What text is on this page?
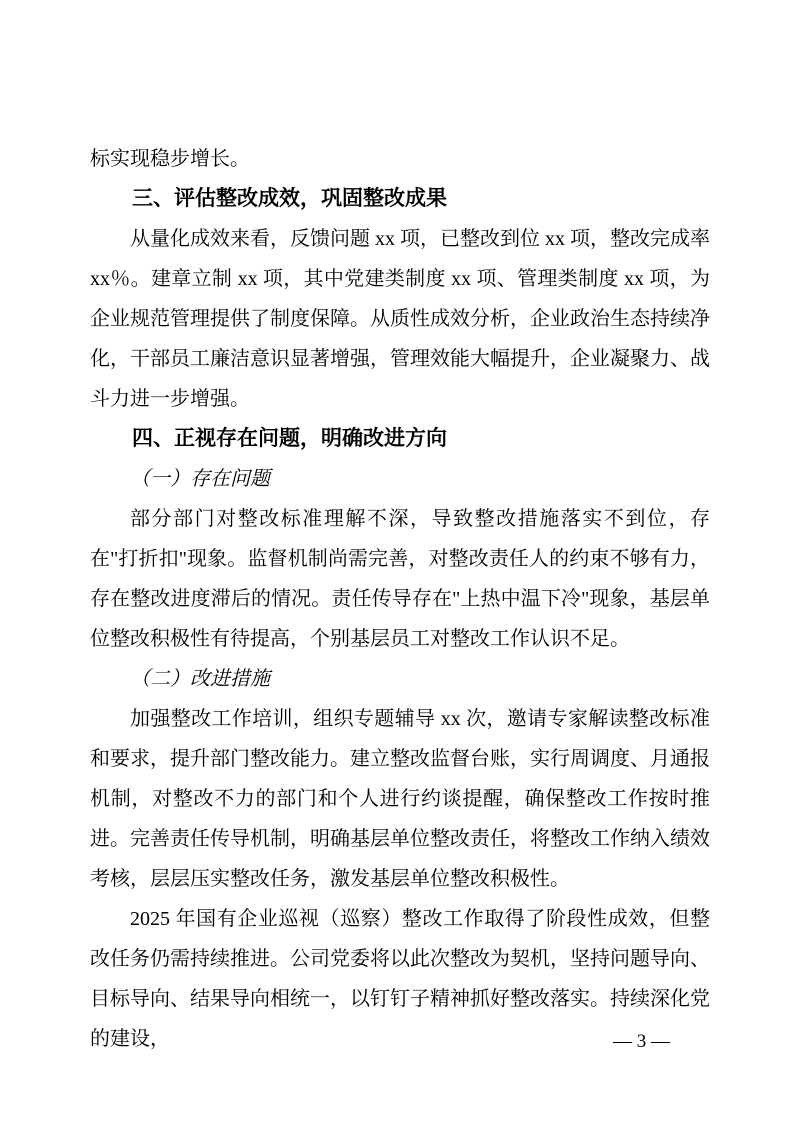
标实现稳步增长。

三、评估整改成效，巩固整改成果

从量化成效来看，反馈问题 xx 项，已整改到位 xx 项，整改完成率 xx％。建章立制 xx 项，其中党建类制度 xx 项、管理类制度 xx 项，为企业规范管理提供了制度保障。从质性成效分析，企业政治生态持续净化，干部员工廉洁意识显著增强，管理效能大幅提升，企业凝聚力、战斗力进一步增强。

四、正视存在问题，明确改进方向
（一）存在问题

部分部门对整改标准理解不深，导致整改措施落实不到位，存在"打折扣"现象。监督机制尚需完善，对整改责任人的约束不够有力，存在整改进度滞后的情况。责任传导存在"上热中温下冷"现象，基层单位整改积极性有待提高，个别基层员工对整改工作认识不足。

（二）改进措施

加强整改工作培训，组织专题辅导 xx 次，邀请专家解读整改标准和要求，提升部门整改能力。建立整改监督台账，实行周调度、月通报机制，对整改不力的部门和个人进行约谈提醒，确保整改工作按时推进。完善责任传导机制，明确基层单位整改责任，将整改工作纳入绩效考核，层层压实整改任务，激发基层单位整改积极性。

2025 年国有企业巡视（巡察）整改工作取得了阶段性成效，但整改任务仍需持续推进。公司党委将以此次整改为契机，坚持问题导向、目标导向、结果导向相统一，以钉钉子精神抓好整改落实。持续深化党的建设，	— 3 —
